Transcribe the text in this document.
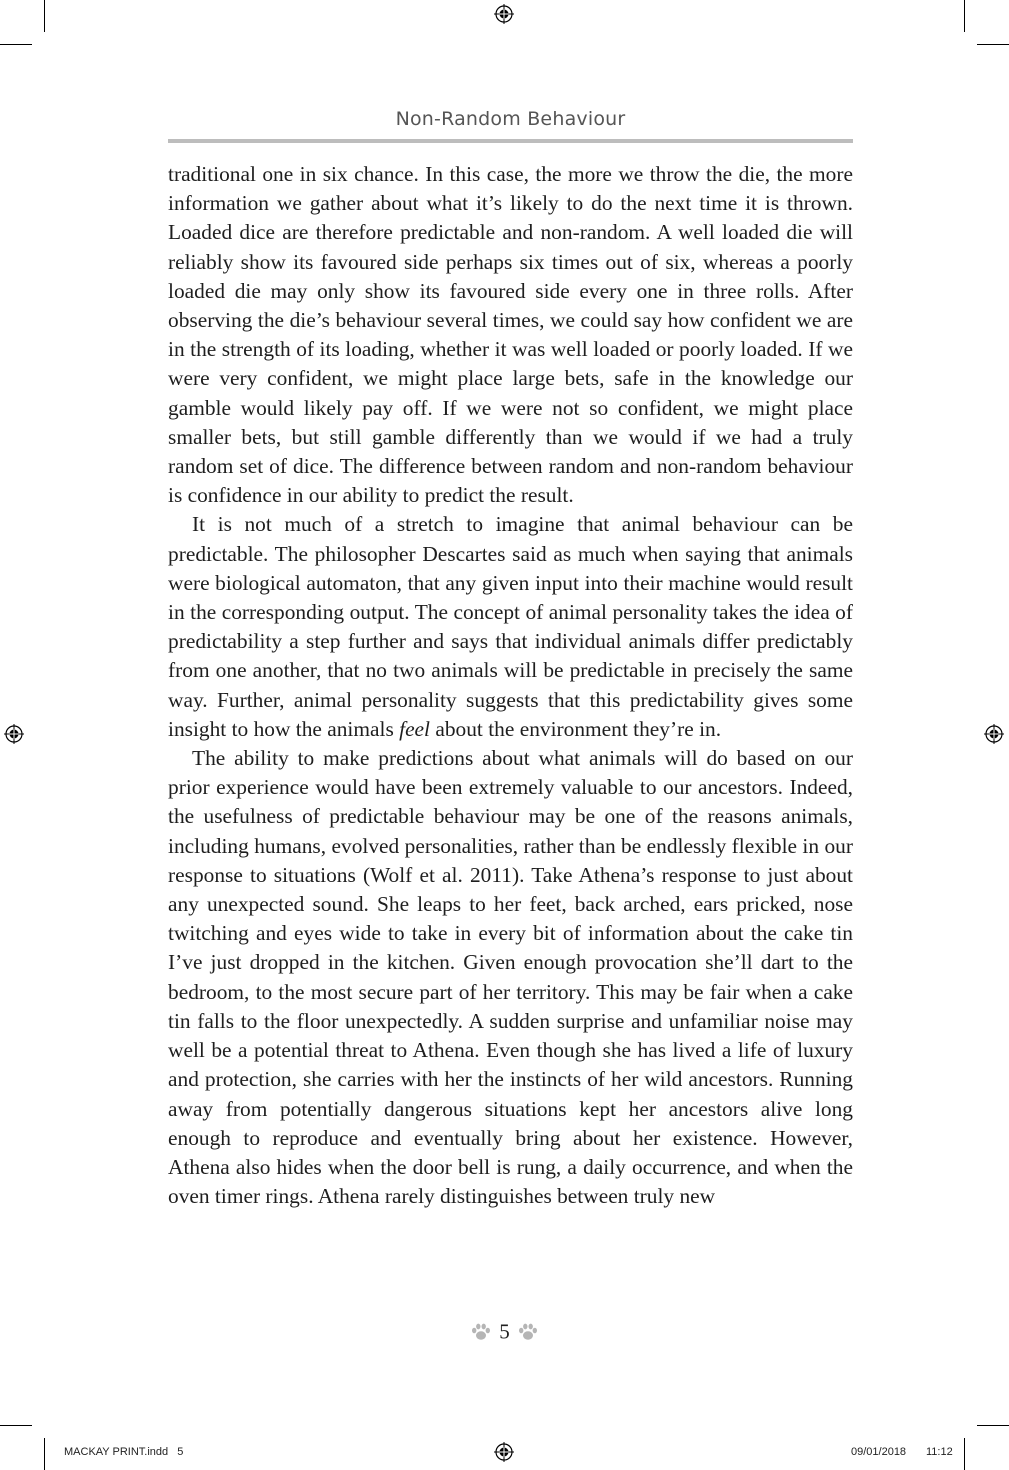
Non-Random Behaviour

traditional one in six chance. In this case, the more we throw the die, the more information we gather about what it’s likely to do the next time it is thrown. Loaded dice are therefore predictable and non-random. A well loaded die will reliably show its favoured side perhaps six times out of six, whereas a poorly loaded die may only show its favoured side every one in three rolls. After observing the die’s behaviour several times, we could say how confident we are in the strength of its loading, whether it was well loaded or poorly loaded. If we were very confident, we might place large bets, safe in the knowledge our gamble would likely pay off. If we were not so confident, we might place smaller bets, but still gamble differently than we would if we had a truly random set of dice. The difference between random and non-random behaviour is confidence in our ability to predict the result.

It is not much of a stretch to imagine that animal behaviour can be predictable. The philosopher Descartes said as much when saying that animals were biological automaton, that any given input into their machine would result in the corresponding output. The concept of animal personality takes the idea of predictability a step further and says that individual animals differ predictably from one another, that no two animals will be predictable in precisely the same way. Further, animal personality suggests that this predictability gives some insight to how the animals feel about the environment they’re in.

The ability to make predictions about what animals will do based on our prior experience would have been extremely valuable to our ancestors. Indeed, the usefulness of predictable behaviour may be one of the reasons animals, including humans, evolved personalities, rather than be endlessly flexible in our response to situations (Wolf et al. 2011). Take Athena’s response to just about any unexpected sound. She leaps to her feet, back arched, ears pricked, nose twitching and eyes wide to take in every bit of information about the cake tin I’ve just dropped in the kitchen. Given enough provocation she’ll dart to the bedroom, to the most secure part of her territory. This may be fair when a cake tin falls to the floor unexpectedly. A sudden surprise and unfamiliar noise may well be a potential threat to Athena. Even though she has lived a life of luxury and protection, she carries with her the instincts of her wild ancestors. Running away from potentially dangerous situations kept her ancestors alive long enough to reproduce and eventually bring about her existence. However, Athena also hides when the door bell is rung, a daily occurrence, and when the oven timer rings. Athena rarely distinguishes between truly new

5
MACKAY PRINT.indd   5	09/01/2018 11:12
